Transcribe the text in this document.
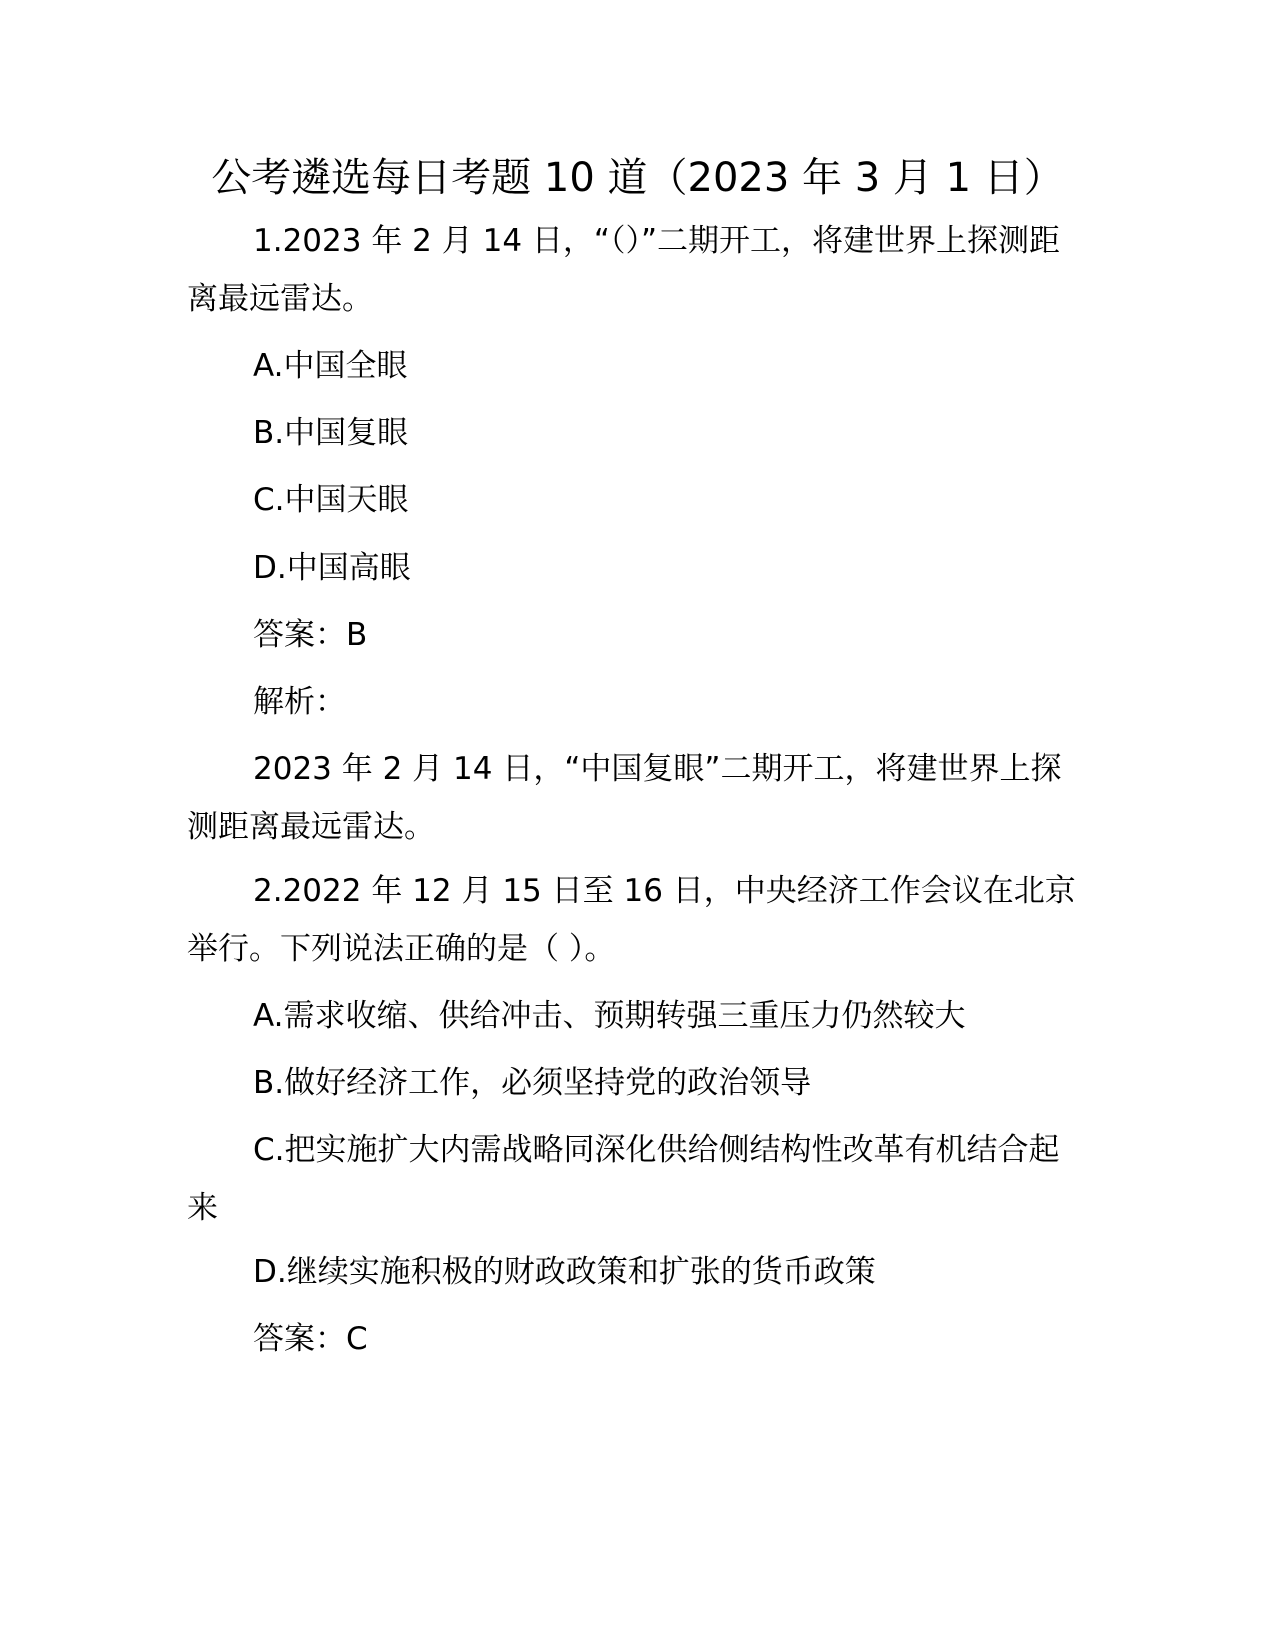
公考遴选每日考题 10 道（2023 年 3 月 1 日）

1.2023 年 2 月 14 日，“（）”二期开工，将建世界上探测距离最远雷达。

A.中国全眼

B.中国复眼

C.中国天眼

D.中国高眼

答案：B

解析：

2023 年 2 月 14 日，“中国复眼”二期开工，将建世界上探测距离最远雷达。

2.2022 年 12 月 15 日至 16 日，中央经济工作会议在北京举行。下列说法正确的是（ ）。

A.需求收缩、供给冲击、预期转强三重压力仍然较大

B.做好经济工作，必须坚持党的政治领导

C.把实施扩大内需战略同深化供给侧结构性改革有机结合起来

D.继续实施积极的财政政策和扩张的货币政策

答案：C
